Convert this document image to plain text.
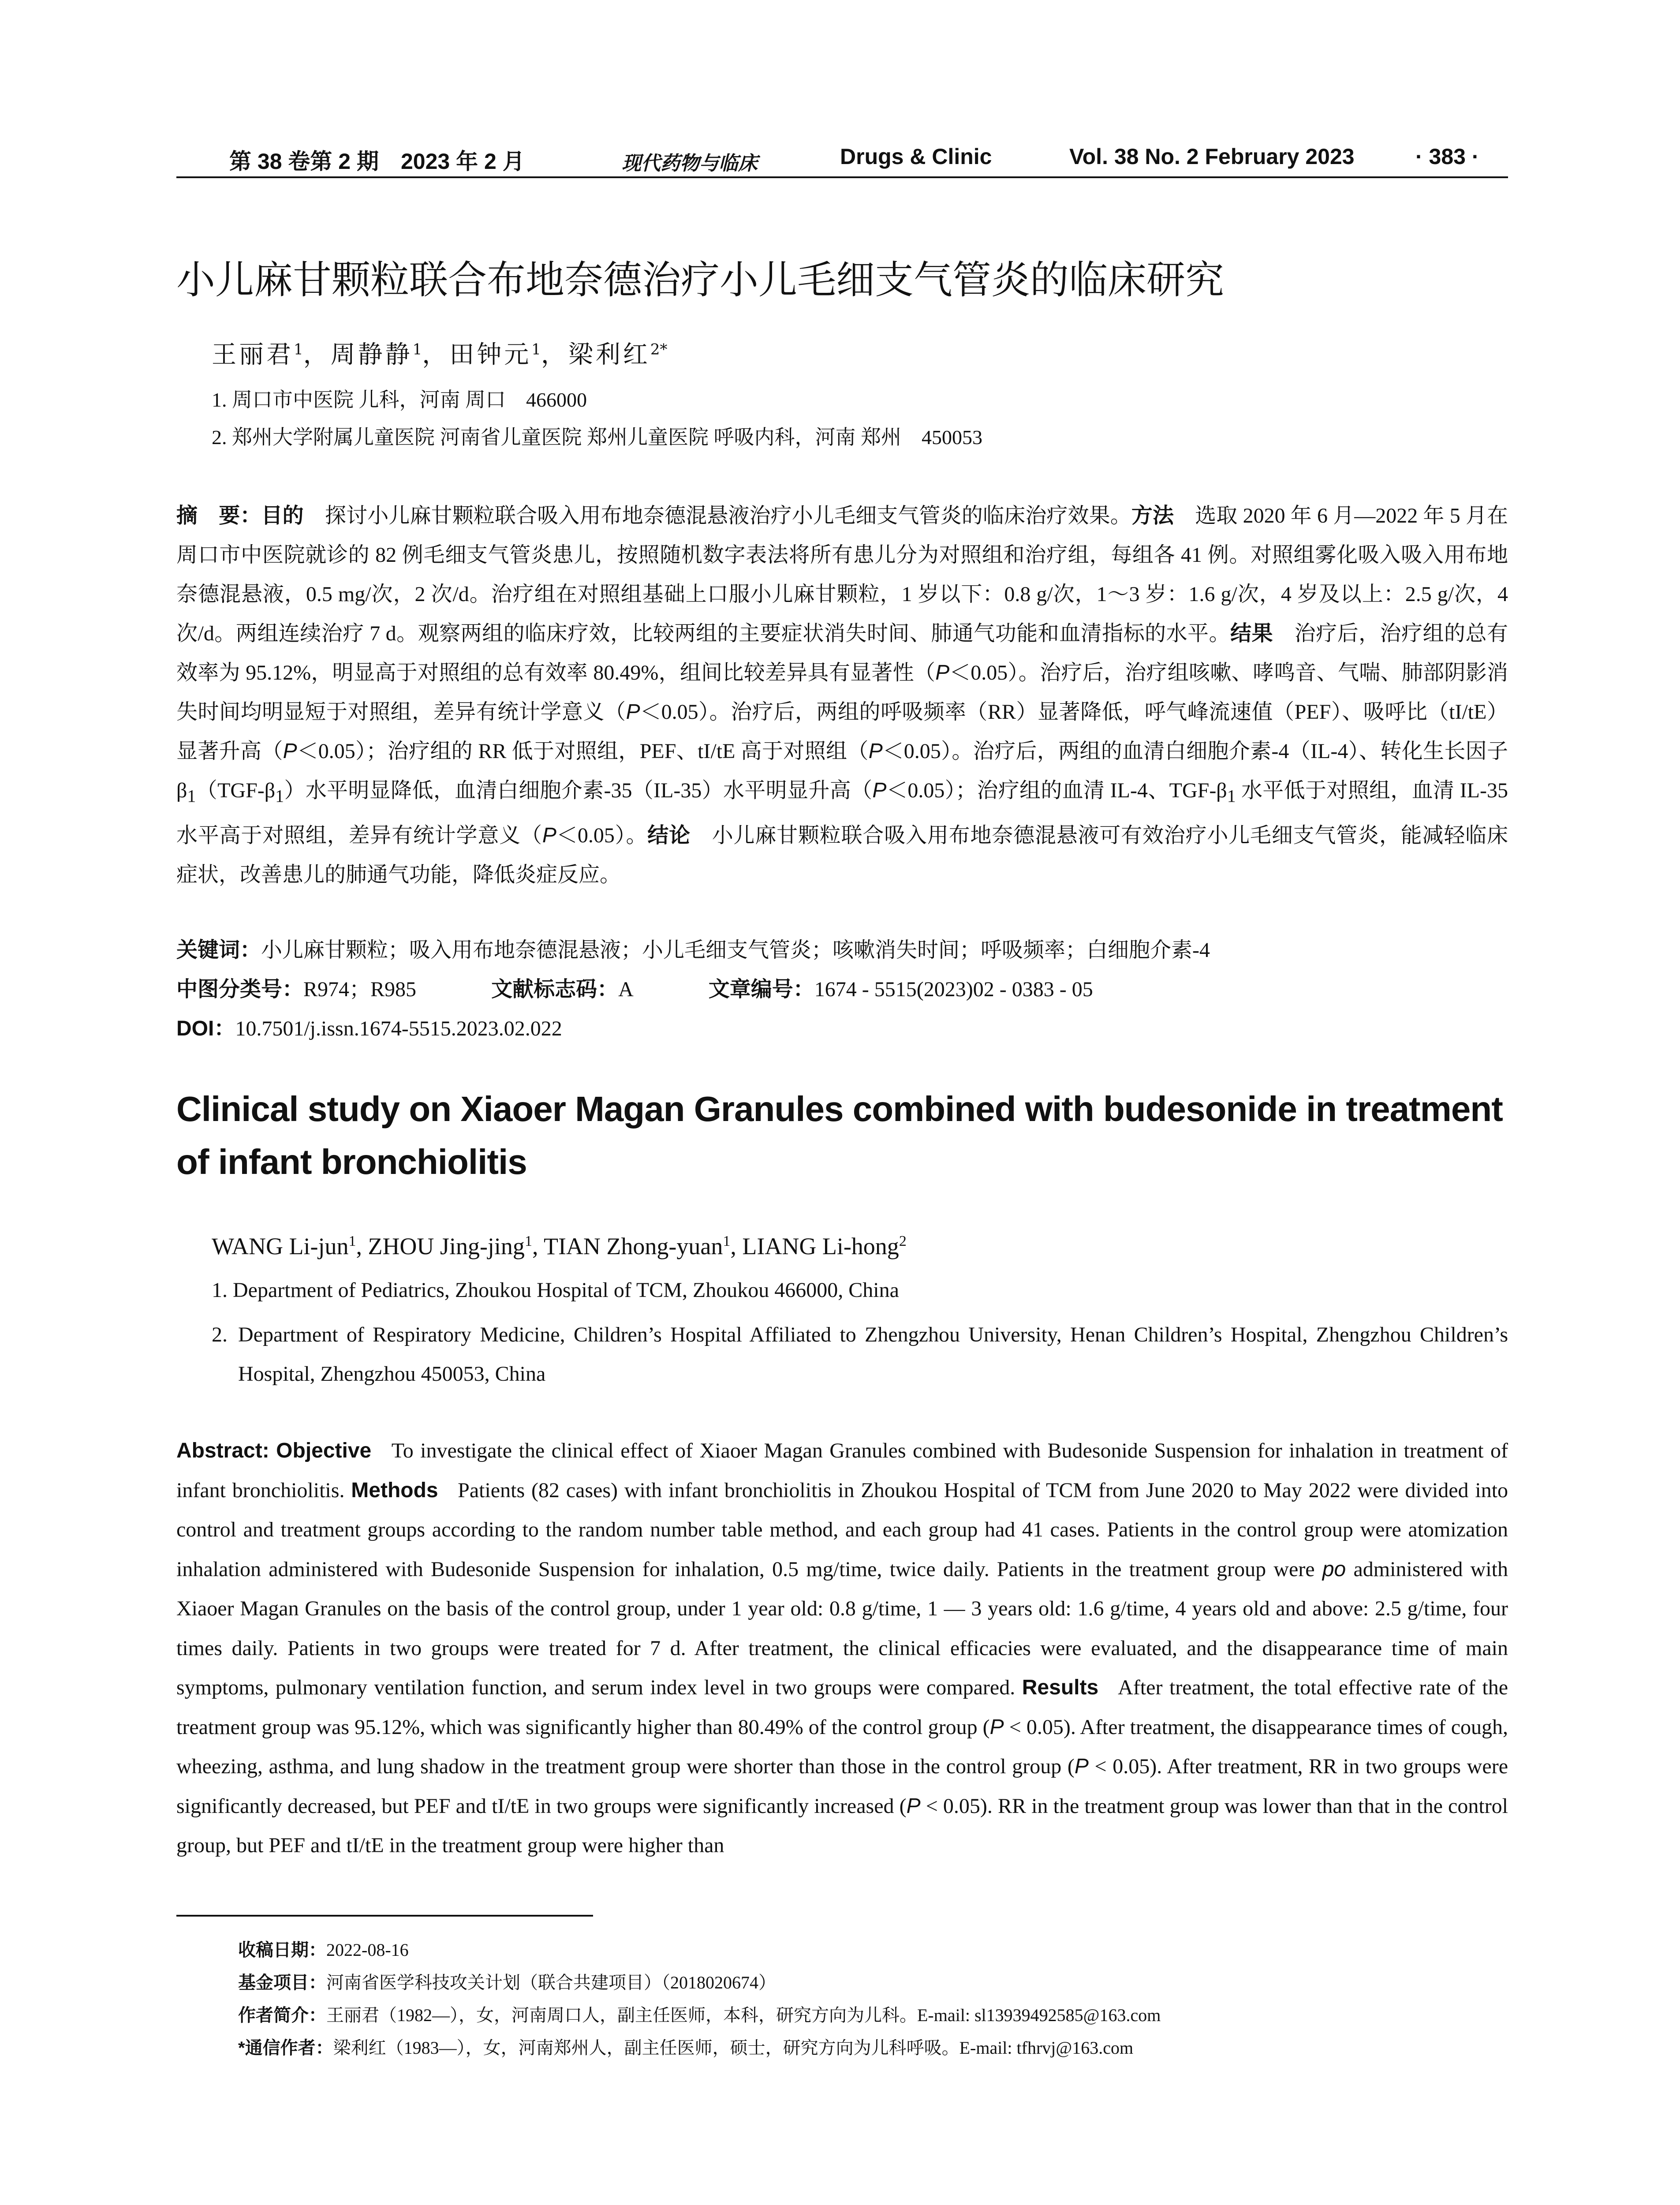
第 38 卷第 2 期　2023 年 2 月	现代药物与临床	Drugs & Clinic	Vol. 38 No. 2 February 2023	· 383 ·
小儿麻甘颗粒联合布地奈德治疗小儿毛细支气管炎的临床研究
王丽君$^1$，周静静$^1$，田钟元$^1$，梁利红$^{2*}$
1. 周口市中医院 儿科，河南 周口　466000
2. 郑州大学附属儿童医院 河南省儿童医院 郑州儿童医院 呼吸内科，河南 郑州　450053
摘　要：目的　 探讨小儿麻甘颗粒联合吸入用布地奈德混悬液治疗小儿毛细支气管炎的临床治疗效果。方法　 选取 2020 年 6 月—2022 年 5 月在周口市中医院就诊的 82 例毛细支气管炎患儿，按照随机数字表法将所有患儿分为对照组和治疗组，每组各 41 例。对照组雾化吸入吸入用布地奈德混悬液，0.5 mg/次，2 次/d。治疗组在对照组基础上口服小儿麻甘颗粒，1 岁以下：0.8 g/次，1～3 岁：1.6 g/次，4 岁及以上：2.5 g/次，4 次/d。两组连续治疗 7 d。观察两组的临床疗效，比较两组的主要症状消失时间、肺通气功能和血清指标的水平。结果　 治疗后，治疗组的总有效率为 95.12%，明显高于对照组的总有效率 80.49%，组间比较差异具有显著性（P＜0.05）。治疗后，治疗组咳嗽、哮鸣音、气喘、肺部阴影消失时间均明显短于对照组，差异有统计学意义（P＜0.05）。治疗后，两组的呼吸频率（RR）显著降低，呼气峰流速值（PEF）、吸呼比（tI/tE）显著升高（P＜0.05）；治疗组的 RR 低于对照组，PEF、tI/tE 高于对照组（P＜0.05）。治疗后，两组的血清白细胞介素-4（IL-4）、转化生长因子 $\beta_1(TGF-\beta_1)$水平明显降低，血清白细胞介素-35（IL-35）水平明显升高（P＜0.05）；治疗组的血清 IL-4、TGF-$\beta_1$ 水平低于对照组，血清 IL-35 水平高于对照组，差异有统计学意义（P＜0.05）。结论　 小儿麻甘颗粒联合吸入用布地奈德混悬液可有效治疗小儿毛细支气管炎，能减轻临床症状，改善患儿的肺通气功能，降低炎症反应。
关键词：小儿麻甘颗粒；吸入用布地奈德混悬液；小儿毛细支气管炎；咳嗽消失时间；呼吸频率；白细胞介素-4
中图分类号：R974；R985	文献标志码：A	文章编号：1674 - 5515(2023)02 - 0383 - 05
DOI：10.7501/j.issn.1674-5515.2023.02.022
Clinical study on Xiaoer Magan Granules combined with budesonide in treatment of infant bronchiolitis
WANG Li-jun$^1$, ZHOU Jing-jing$^1$, TIAN Zhong-yuan$^1$, LIANG Li-hong$^2$
1. Department of Pediatrics, Zhoukou Hospital of TCM, Zhoukou 466000, China
2. Department of Respiratory Medicine, Children’s Hospital Affiliated to Zhengzhou University, Henan Children’s Hospital, Zhengzhou Children’s Hospital, Zhengzhou 450053, China
Abstract: Objective To investigate the clinical effect of Xiaoer Magan Granules combined with Budesonide Suspension for inhalation in treatment of infant bronchiolitis. Methods Patients (82 cases) with infant bronchiolitis in Zhoukou Hospital of TCM from June 2020 to May 2022 were divided into control and treatment groups according to the random number table method, and each group had 41 cases. Patients in the control group were atomization inhalation administered with Budesonide Suspension for inhalation, 0.5 mg/time, twice daily. Patients in the treatment group were po administered with Xiaoer Magan Granules on the basis of the control group, under 1 year old: 0.8 g/time, 1 — 3 years old: 1.6 g/time, 4 years old and above: 2.5 g/time, four times daily. Patients in two groups were treated for 7 d. After treatment, the clinical efficacies were evaluated, and the disappearance time of main symptoms, pulmonary ventilation function, and serum index level in two groups were compared. Results After treatment, the total effective rate of the treatment group was 95.12%, which was significantly higher than 80.49% of the control group (P < 0.05). After treatment, the disappearance times of cough, wheezing, asthma, and lung shadow in the treatment group were shorter than those in the control group (P < 0.05). After treatment, RR in two groups were significantly decreased, but PEF and tI/tE in two groups were significantly increased (P < 0.05). RR in the treatment group was lower than that in the control group, but PEF and tI/tE in the treatment group were higher than
收稿日期：2022-08-16
基金项目：河南省医学科技攻关计划（联合共建项目）（2018020674）
作者简介：王丽君（1982—），女，河南周口人，副主任医师，本科，研究方向为儿科。E-mail: sl13939492585@163.com
*通信作者：梁利红（1983—），女，河南郑州人，副主任医师，硕士，研究方向为儿科呼吸。E-mail: tfhrvj@163.com
